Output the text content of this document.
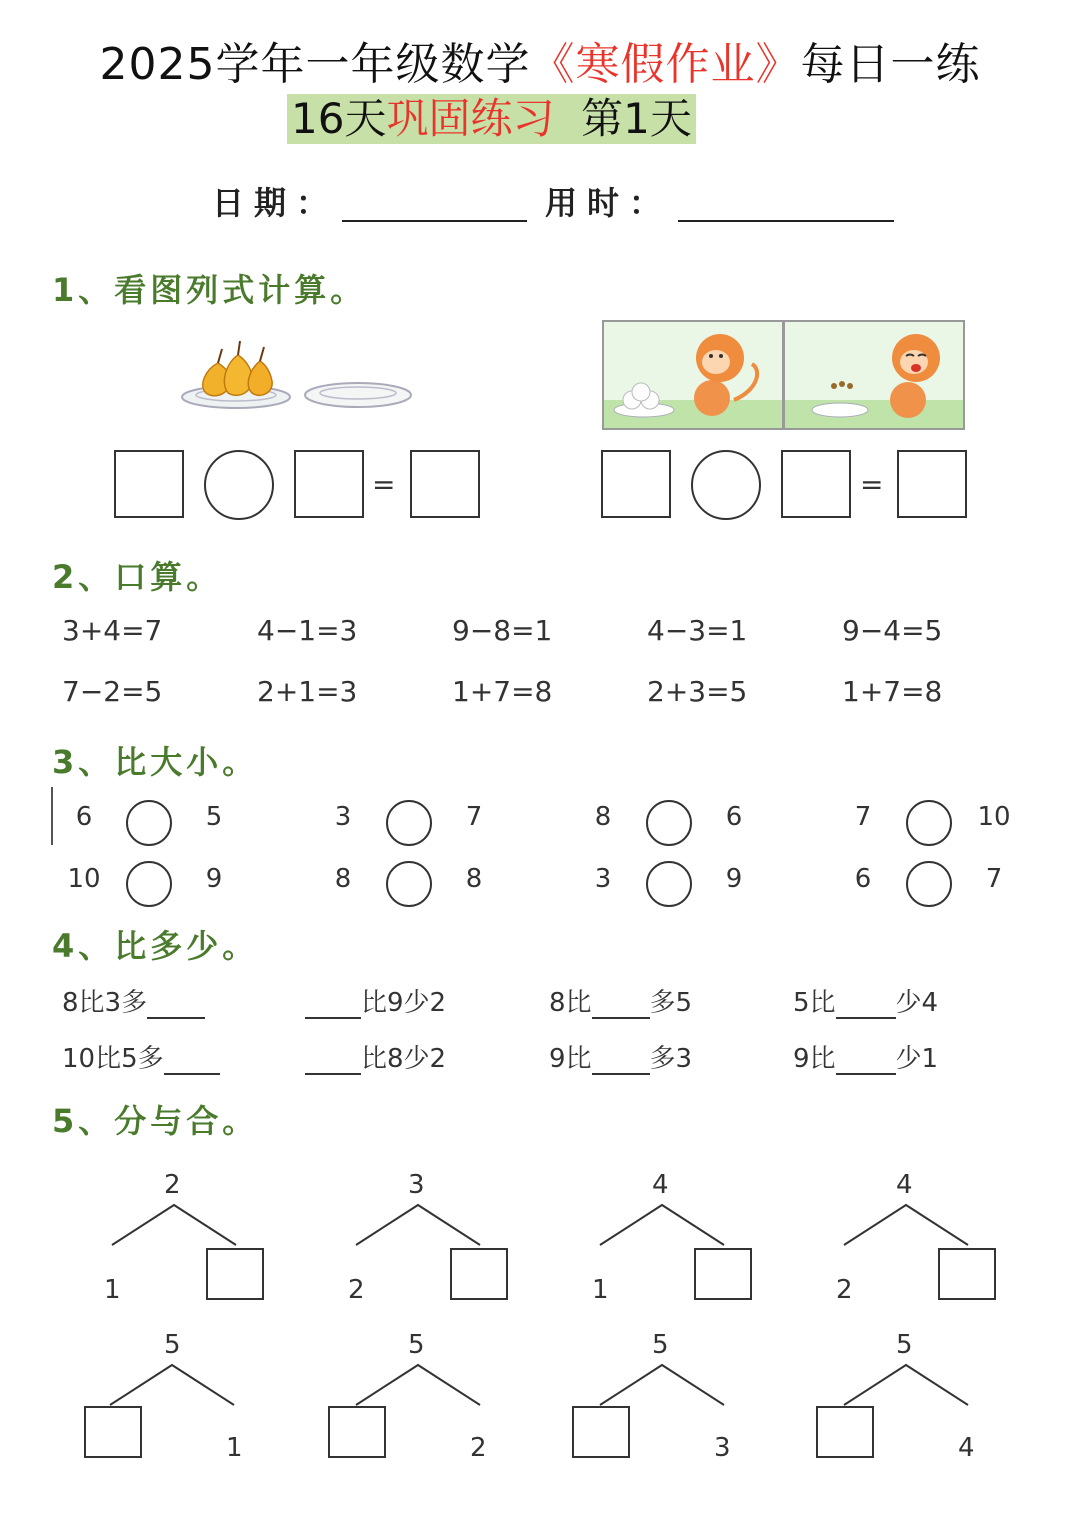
2025学年一年级数学《寒假作业》每日一练
16天巩固练习 第1天
日期：	用时：
1、看图列式计算。
=	=
2、口算。
3+4=7	4−1=3	9−8=1	4−3=1	9−4=5
7−2=5	2+1=3	1+7=8	2+3=5	1+7=8
3、比大小。
6	5	3	7	8	6	7	10
10	9	8	8	3	9	6	7
4、比多少。
8比3多	比9少2	8比 多5	5比 少4
10比5多	比8少2	9比 多3	9比 少1
5、分与合。
2
1
3
2
4
1
4
2
5
1
5
2
5
3
5
4
